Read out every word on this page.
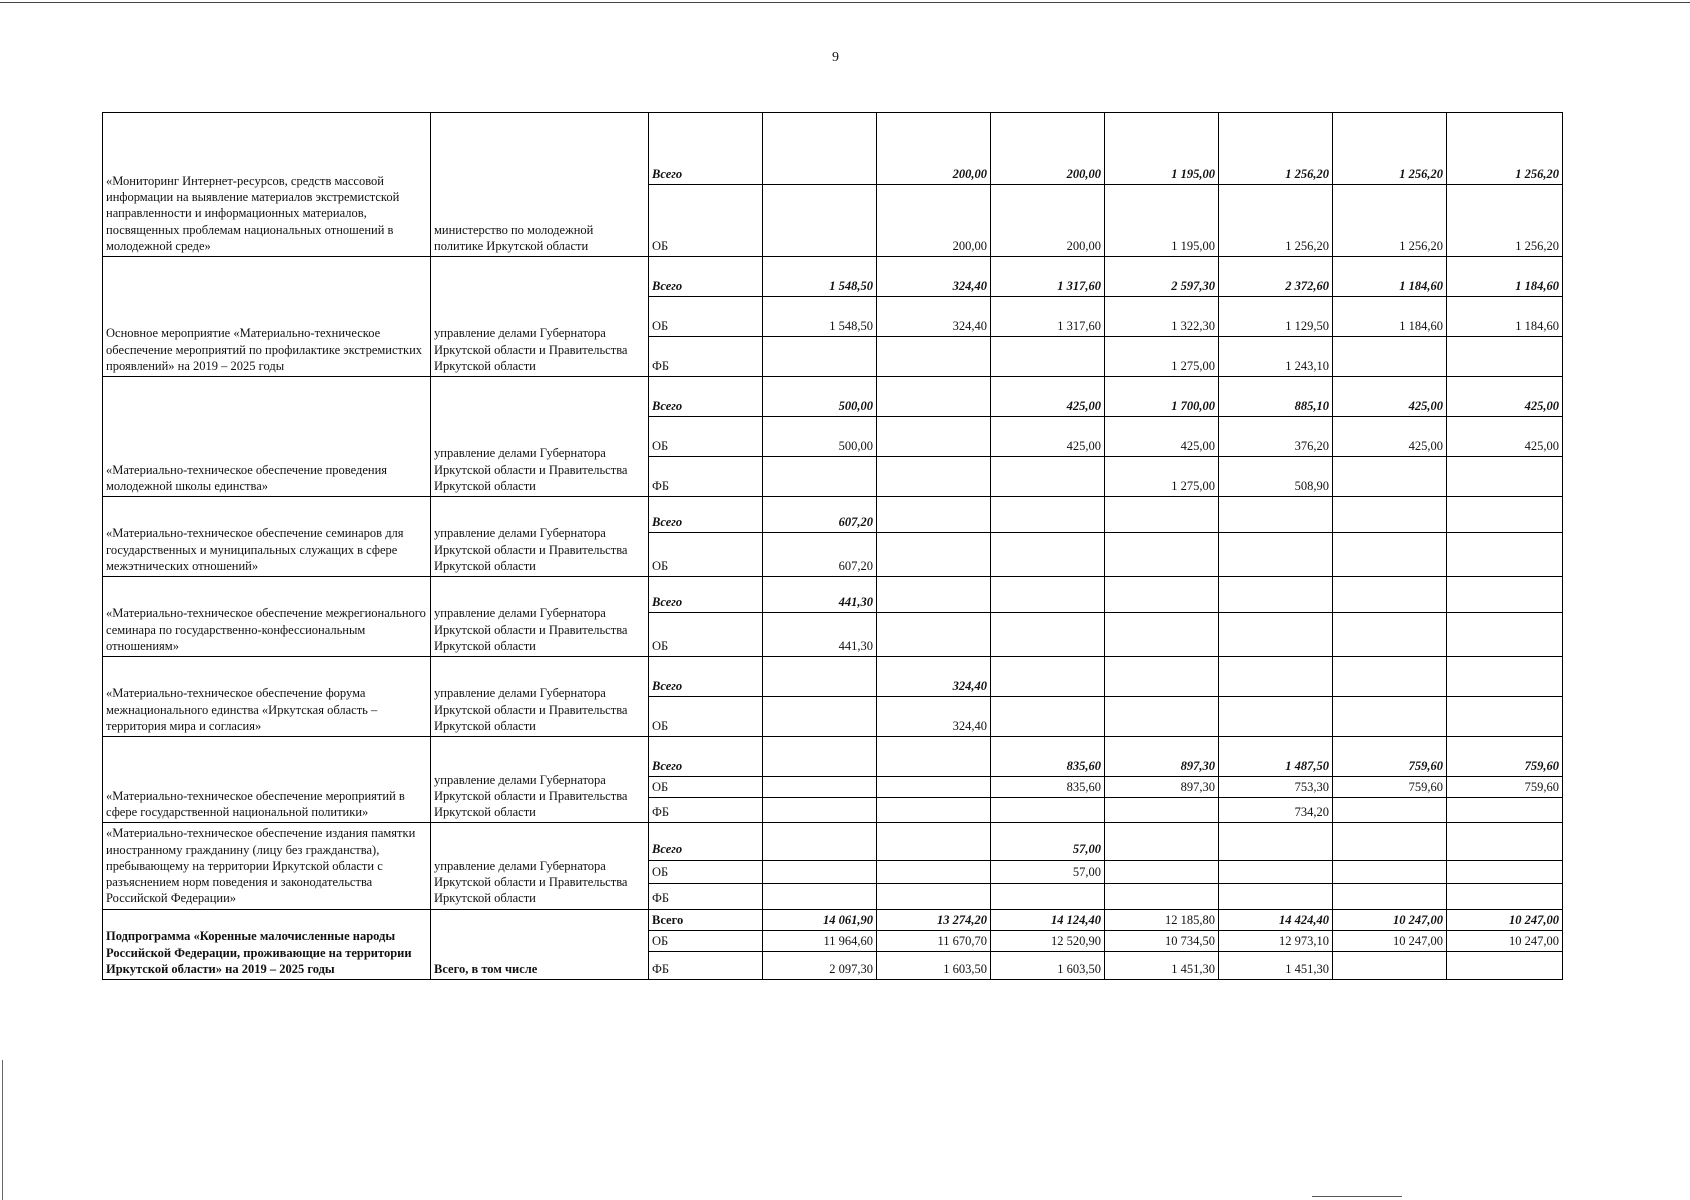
9
«Мониторинг Интернет-ресурсов, средств массовой информации на выявление материалов экстремистской направленности и информационных материалов, посвященных проблемам национальных отношений в молодежной среде»	министерство по молодежной политике Иркутской области	Всего		200,00	200,00	1 195,00	1 256,20	1 256,20	1 256,20
		ОБ		200,00	200,00	1 195,00	1 256,20	1 256,20	1 256,20
Основное мероприятие «Материально-техническое обеспечение мероприятий по профилактике экстремистких проявлений» на 2019 – 2025 годы	управление делами Губернатора Иркутской области и Правительства Иркутской области	Всего	1 548,50	324,40	1 317,60	2 597,30	2 372,60	1 184,60	1 184,60
		ОБ	1 548,50	324,40	1 317,60	1 322,30	1 129,50	1 184,60	1 184,60
		ФБ				1 275,00	1 243,10		
«Материально-техническое обеспечение проведения молодежной школы единства»	управление делами Губернатора Иркутской области и Правительства Иркутской области	Всего	500,00		425,00	1 700,00	885,10	425,00	425,00
		ОБ	500,00		425,00	425,00	376,20	425,00	425,00
		ФБ				1 275,00	508,90		
«Материально-техническое обеспечение семинаров для государственных и муниципальных служащих в сфере межэтнических отношений»	управление делами Губернатора Иркутской области и Правительства Иркутской области	Всего	607,20						
		ОБ	607,20						
«Материально-техническое обеспечение межрегионального семинара по государственно-конфессиональным отношениям»	управление делами Губернатора Иркутской области и Правительства Иркутской области	Всего	441,30						
		ОБ	441,30						
«Материально-техническое обеспечение форума межнационального единства «Иркутская область – территория мира и согласия»	управление делами Губернатора Иркутской области и Правительства Иркутской области	Всего		324,40					
		ОБ		324,40					
«Материально-техническое обеспечение мероприятий в сфере государственной национальной политики»	управление делами Губернатора Иркутской области и Правительства Иркутской области	Всего			835,60	897,30	1 487,50	759,60	759,60
		ОБ			835,60	897,30	753,30	759,60	759,60
		ФБ					734,20		
«Материально-техническое обеспечение издания памятки иностранному гражданину (лицу без гражданства), пребывающему на территории Иркутской области с разъяснением норм поведения и законодательства Российской Федерации»	управление делами Губернатора Иркутской области и Правительства Иркутской области	Всего			57,00				
		ОБ			57,00				
		ФБ							
Подпрограмма «Коренные малочисленные народы Российской Федерации, проживающие на территории Иркутской области» на 2019 – 2025 годы	Всего, в том числе	Всего	14 061,90	13 274,20	14 124,40	12 185,80	14 424,40	10 247,00	10 247,00
		ОБ	11 964,60	11 670,70	12 520,90	10 734,50	12 973,10	10 247,00	10 247,00
		ФБ	2 097,30	1 603,50	1 603,50	1 451,30	1 451,30		
